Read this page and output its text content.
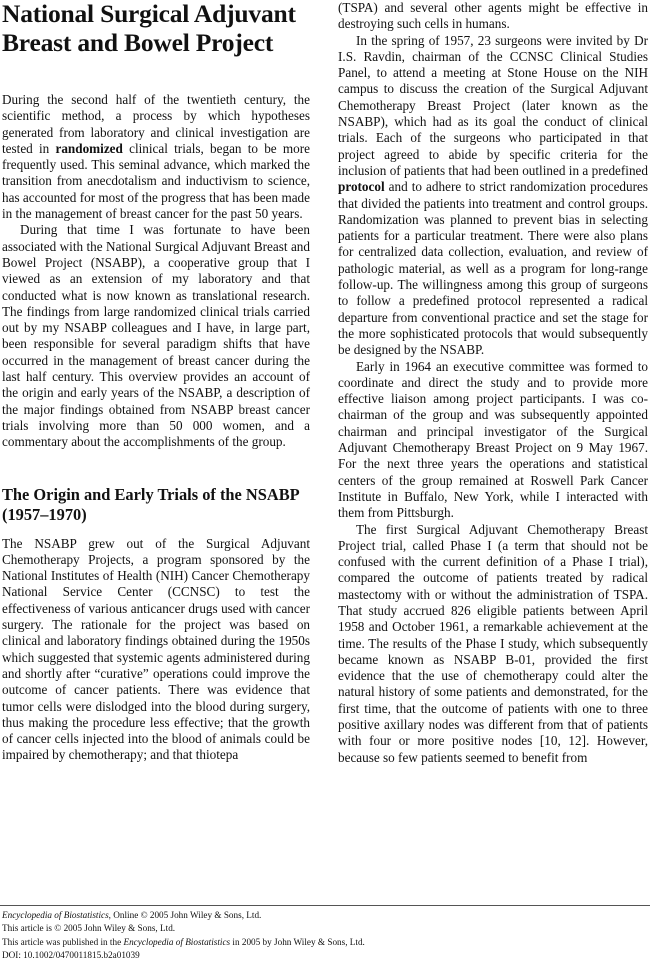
National Surgical Adjuvant Breast and Bowel Project

During the second half of the twentieth century, the scientific method, a process by which hypotheses generated from laboratory and clinical investigation are tested in randomized clinical trials, began to be more frequently used. This seminal advance, which marked the transition from anecdotalism and inductivism to science, has accounted for most of the progress that has been made in the management of breast cancer for the past 50 years.

During that time I was fortunate to have been associated with the National Surgical Adjuvant Breast and Bowel Project (NSABP), a cooperative group that I viewed as an extension of my laboratory and that conducted what is now known as translational research. The findings from large randomized clinical trials carried out by my NSABP colleagues and I have, in large part, been responsible for several paradigm shifts that have occurred in the management of breast cancer during the last half century. This overview provides an account of the origin and early years of the NSABP, a description of the major findings obtained from NSABP breast cancer trials involving more than 50 000 women, and a commentary about the accomplishments of the group.

The Origin and Early Trials of the NSABP (1957–1970)

The NSABP grew out of the Surgical Adjuvant Chemotherapy Projects, a program sponsored by the National Institutes of Health (NIH) Cancer Chemotherapy National Service Center (CCNSC) to test the effectiveness of various anticancer drugs used with cancer surgery. The rationale for the project was based on clinical and laboratory findings obtained during the 1950s which suggested that systemic agents administered during and shortly after “curative” operations could improve the outcome of cancer patients. There was evidence that tumor cells were dislodged into the blood during surgery, thus making the procedure less effective; that the growth of cancer cells injected into the blood of animals could be impaired by chemotherapy; and that thiotepa

(TSPA) and several other agents might be effective in destroying such cells in humans.

In the spring of 1957, 23 surgeons were invited by Dr I.S. Ravdin, chairman of the CCNSC Clinical Studies Panel, to attend a meeting at Stone House on the NIH campus to discuss the creation of the Surgical Adjuvant Chemotherapy Breast Project (later known as the NSABP), which had as its goal the conduct of clinical trials. Each of the surgeons who participated in that project agreed to abide by specific criteria for the inclusion of patients that had been outlined in a predefined protocol and to adhere to strict randomization procedures that divided the patients into treatment and control groups. Randomization was planned to prevent bias in selecting patients for a particular treatment. There were also plans for centralized data collection, evaluation, and review of pathologic material, as well as a program for long-range follow-up. The willingness among this group of surgeons to follow a predefined protocol represented a radical departure from conventional practice and set the stage for the more sophisticated protocols that would subsequently be designed by the NSABP.

Early in 1964 an executive committee was formed to coordinate and direct the study and to provide more effective liaison among project participants. I was co-chairman of the group and was subsequently appointed chairman and principal investigator of the Surgical Adjuvant Chemotherapy Breast Project on 9 May 1967. For the next three years the operations and statistical centers of the group remained at Roswell Park Cancer Institute in Buffalo, New York, while I interacted with them from Pittsburgh.

The first Surgical Adjuvant Chemotherapy Breast Project trial, called Phase I (a term that should not be confused with the current definition of a Phase I trial), compared the outcome of patients treated by radical mastectomy with or without the administration of TSPA. That study accrued 826 eligible patients between April 1958 and October 1961, a remarkable achievement at the time. The results of the Phase I study, which subsequently became known as NSABP B-01, provided the first evidence that the use of chemotherapy could alter the natural history of some patients and demonstrated, for the first time, that the outcome of patients with one to three positive axillary nodes was different from that of patients with four or more positive nodes [10, 12]. However, because so few patients seemed to benefit from

Encyclopedia of Biostatistics, Online © 2005 John Wiley & Sons, Ltd.
This article is © 2005 John Wiley & Sons, Ltd.
This article was published in the Encyclopedia of Biostatistics in 2005 by John Wiley & Sons, Ltd.
DOI: 10.1002/0470011815.b2a01039
